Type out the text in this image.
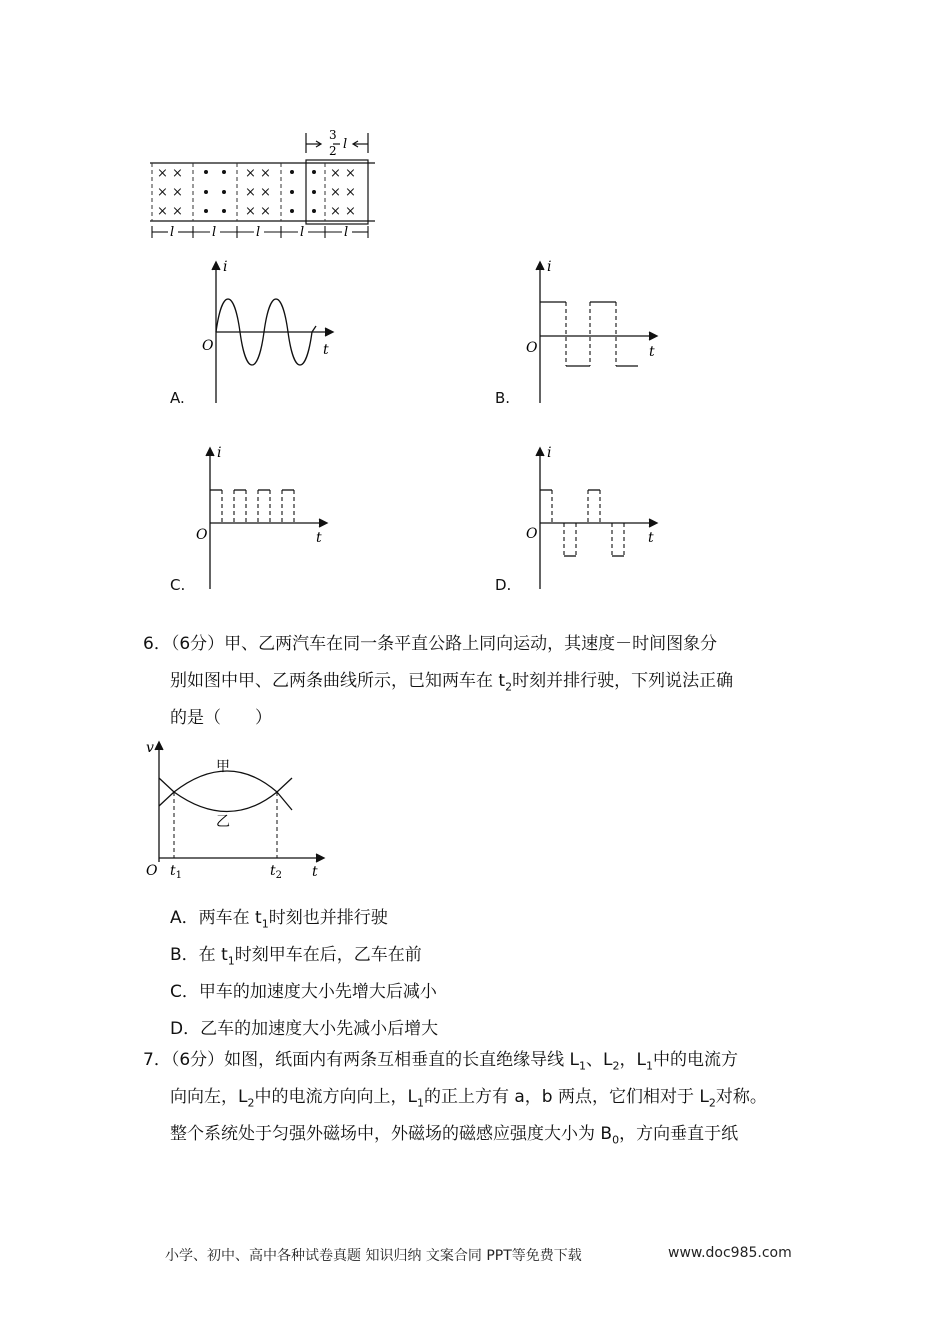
3
2 l
× ×
× ×
× ×
× ×
× ×
× ×
× ×
× ×
× ×
l	l	l	l	l
i
t
O
A.
i
t
O
B.
i
t
O
C.
i
t
O
D.
6．（6分）甲、乙两汽车在同一条平直公路上同向运动，其速度－时间图象分
别如图中甲、乙两条曲线所示，已知两车在 $t_2$时刻并排行驶，下列说法正确
的是（　　）
v
O	t
$t_1$	$t_2$
甲
乙
A．两车在 $t_1$时刻也并排行驶
B．在 $t_1$时刻甲车在后，乙车在前
C．甲车的加速度大小先增大后减小
D．乙车的加速度大小先减小后增大
7．（6分）如图，纸面内有两条互相垂直的长直绝缘导线 $L_1$、$L_2$，$L_1$中的电流方
向向左，$L_2$中的电流方向向上，$L_1$的正上方有 a，b 两点，它们相对于 $L_2$对称。
整个系统处于匀强外磁场中，外磁场的磁感应强度大小为 $B_0$，方向垂直于纸
小学、初中、高中各种试卷真题 知识归纳 文案合同 PPT等免费下载	www.doc985.com
